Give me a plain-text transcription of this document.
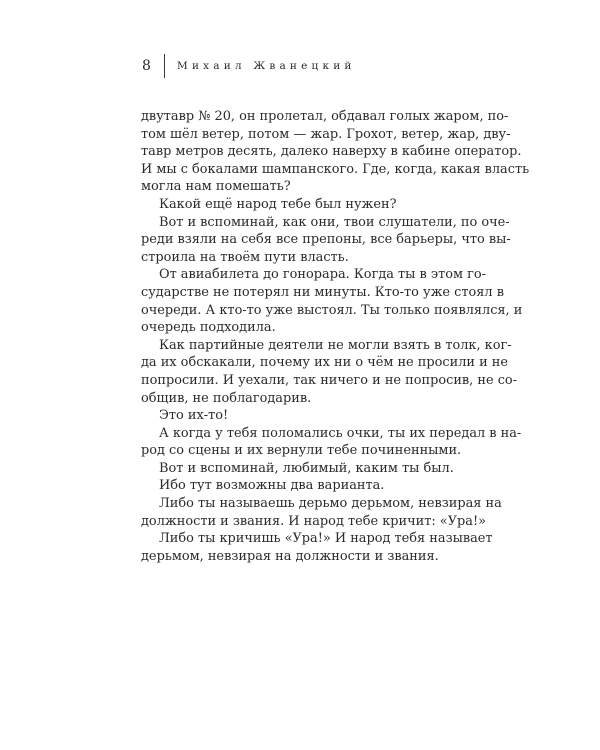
8	Михаил Жванецкий
двутавр № 20, он пролетал, обдавал голых жаром, по-
том шёл ветер, потом — жар. Грохот, ветер, жар, дву-
тавр метров десять, далеко наверху в кабине оператор.
И мы с бокалами шампанского. Где, когда, какая власть
могла нам помешать?
Какой ещё народ тебе был нужен?
Вот и вспоминай, как они, твои слушатели, по оче-
реди взяли на себя все препоны, все барьеры, что вы-
строила на твоём пути власть.
От авиабилета до гонорара. Когда ты в этом го-
сударстве не потерял ни минуты. Кто-то уже стоял в
очереди. А кто-то уже выстоял. Ты только появлялся, и
очередь подходила.
Как партийные деятели не могли взять в толк, ког-
да их обскакали, почему их ни о чём не просили и не
попросили. И уехали, так ничего и не попросив, не со-
общив, не поблагодарив.
Это их-то!
А когда у тебя поломались очки, ты их передал в на-
род со сцены и их вернули тебе починенными.
Вот и вспоминай, любимый, каким ты был.
Ибо тут возможны два варианта.
Либо ты называешь дерьмо дерьмом, невзирая на
должности и звания. И народ тебе кричит: «Ура!»
Либо ты кричишь «Ура!» И народ тебя называет
дерьмом, невзирая на должности и звания.
